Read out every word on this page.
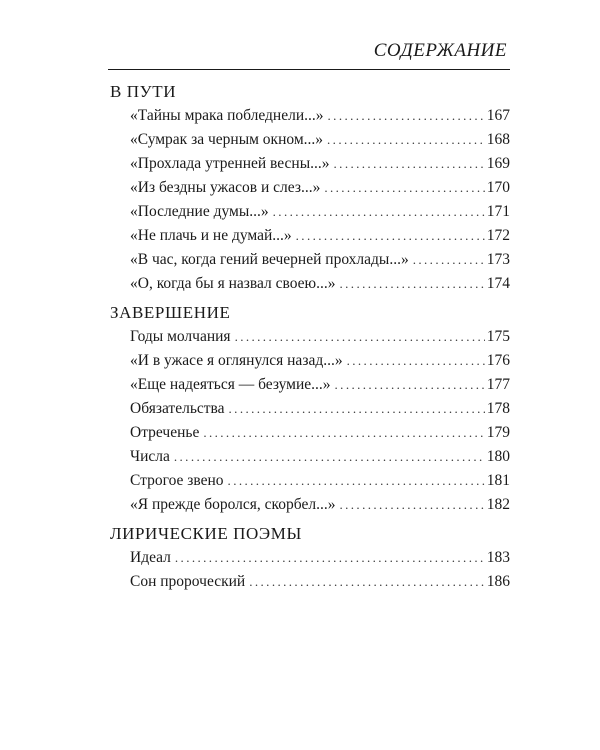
СОДЕРЖАНИЕ
В ПУТИ
«Тайны мрака побледнели...» .....	167
«Сумрак за черным окном...» .....	168
«Прохлада утренней весны...» .....	169
«Из бездны ужасов и слез...» .....	170
«Последние думы...» .....	171
«Не плачь и не думай...» .....	172
«В час, когда гений вечерней прохлады...» .....	173
«О, когда бы я назвал своею...» .....	174
ЗАВЕРШЕНИЕ
Годы молчания .....	175
«И в ужасе я оглянулся назад...» .....	176
«Еще надеяться — безумие...» .....	177
Обязательства .....	178
Отреченье .....	179
Числа .....	180
Строгое звено .....	181
«Я прежде боролся, скорбел...» .....	182
ЛИРИЧЕСКИЕ ПОЭМЫ
Идеал .....	183
Сон пророческий .....	186
